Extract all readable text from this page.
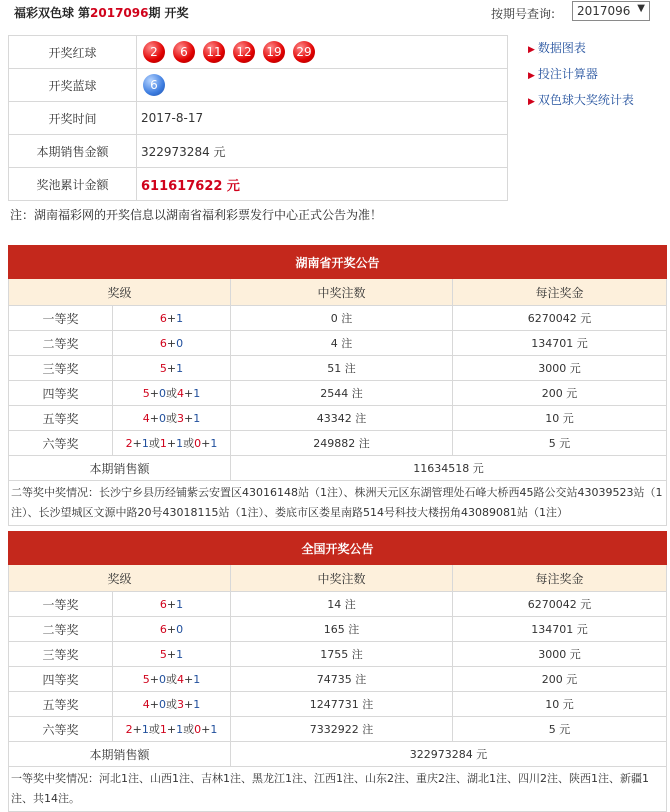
福彩双色球 第2017096期 开奖	按期号查询:	2017096 ▼
开奖红球	2 6 11 12 19 29
开奖蓝球	6
开奖时间	2017-8-17
本期销售金额	322973284 元
奖池累计金额	611617622 元
▶ 数据图表
▶ 投注计算器
▶ 双色球大奖统计表
注：湖南福彩网的开奖信息以湖南省福利彩票发行中心正式公告为准！
湖南省开奖公告			
奖级		中奖注数	每注奖金
一等奖	6+1	0 注	6270042 元
二等奖	6+0	4 注	134701 元
三等奖	5+1	51 注	3000 元
四等奖	5+0或4+1	2544 注	200 元
五等奖	4+0或3+1	43342 注	10 元
六等奖	2+1或1+1或0+1	249882 注	5 元
本期销售额		11634518 元	
二等奖中奖情况：长沙宁乡县历经铺紫云安置区43016148站（1注）、株洲天元区东湖管理处石峰大桥西45路公交站43039523站（1注）、长沙望城区文源中路20号43018115站（1注）、娄底市区娄星南路514号科技大楼拐角43089081站（1注）			
全国开奖公告			
奖级		中奖注数	每注奖金
一等奖	6+1	14 注	6270042 元
二等奖	6+0	165 注	134701 元
三等奖	5+1	1755 注	3000 元
四等奖	5+0或4+1	74735 注	200 元
五等奖	4+0或3+1	1247731 注	10 元
六等奖	2+1或1+1或0+1	7332922 注	5 元
本期销售额		322973284 元	
一等奖中奖情况：河北1注、山西1注、吉林1注、黑龙江1注、江西1注、山东2注、重庆2注、湖北1注、四川2注、陕西1注、新疆1注、共14注。			
